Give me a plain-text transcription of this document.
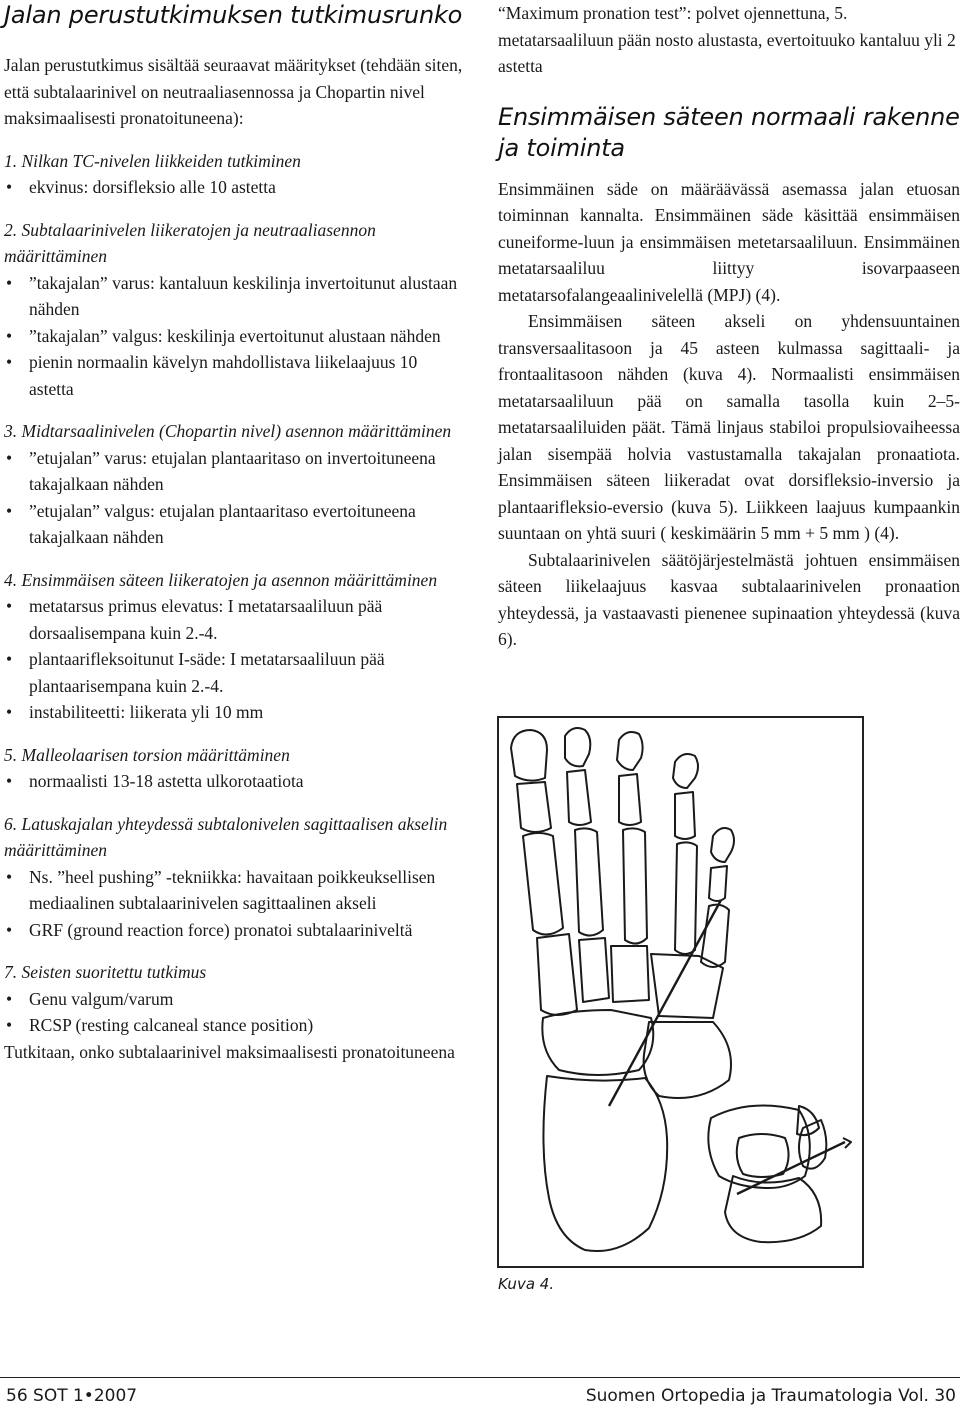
Jalan perustutkimuksen tutkimusrunko

Jalan perustutkimus sisältää seuraavat määritykset (tehdään siten, että subtalaarinivel on neutraaliasennossa ja Chopartin nivel maksimaalisesti pronatoituneena):

1. Nilkan TC-nivelen liikkeiden tutkiminen

• ekvinus: dorsifleksio alle 10 astetta

2. Subtalaarinivelen liikeratojen ja neutraaliasennon määrittäminen

• ”takajalan” varus: kantaluun keskilinja invertoitunut alustaan nähden
• ”takajalan” valgus: keskilinja evertoitunut alustaan nähden
• pienin normaalin kävelyn mahdollistava liikelaajuus 10 astetta

3. Midtarsaalinivelen (Chopartin nivel) asennon määrittäminen

• ”etujalan” varus: etujalan plantaaritaso on invertoituneena takajalkaan nähden
• ”etujalan” valgus: etujalan plantaaritaso evertoituneena takajalkaan nähden

4. Ensimmäisen säteen liikeratojen ja asennon määrittäminen

• metatarsus primus elevatus: I metatarsaaliluun pää dorsaalisempana kuin 2.-4.
• plantaarifleksoitunut I-säde: I metatarsaaliluun pää plantaarisempana kuin 2.-4.
• instabiliteetti: liikerata yli 10 mm

5. Malleolaarisen torsion määrittäminen

• normaalisti 13-18 astetta ulkorotaatiota

6. Latuskajalan yhteydessä subtalonivelen sagittaalisen akselin määrittäminen

• Ns. ”heel pushing” -tekniikka: havaitaan poikkeuksellisen mediaalinen subtalaarinivelen sagittaalinen akseli
• GRF (ground reaction force) pronatoi subtalaariniveltä

7. Seisten suoritettu tutkimus

• Genu valgum/varum
• RCSP (resting calcaneal stance position)

Tutkitaan, onko subtalaarinivel maksimaalisesti pronatoituneena

“Maximum pronation test”: polvet ojennettuna, 5. metatarsaaliluun pään nosto alustasta, evertoituuko kantaluu yli 2 astetta

Ensimmäisen säteen normaali rakenne ja toiminta

Ensimmäinen säde on määräävässä asemassa jalan etuosan toiminnan kannalta. Ensimmäinen säde käsittää ensimmäisen cuneiforme-luun ja ensimmäisen metetarsaaliluun. Ensimmäinen metatarsaaliluu liittyy isovarpaaseen metatarsofalangeaalinivelellä (MPJ) (4).

Ensimmäisen säteen akseli on yhdensuuntainen transversaalitasoon ja 45 asteen kulmassa sagittaali- ja frontaalitasoon nähden (kuva 4). Normaalisti ensimmäisen metatarsaaliluun pää on samalla tasolla kuin 2–5-metatarsaaliluiden päät. Tämä linjaus stabiloi propulsiovaiheessa jalan sisempää holvia vastustamalla takajalan pronaatiota. Ensimmäisen säteen liikeradat ovat dorsifleksio-inversio ja plantaarifleksio-eversio (kuva 5). Liikkeen laajuus kumpaankin suuntaan on yhtä suuri ( keskimäärin 5 mm + 5 mm ) (4).

Subtalaarinivelen säätöjärjestelmästä johtuen ensimmäisen säteen liikelaajuus kasvaa subtalaarinivelen pronaation yhteydessä, ja vastaavasti pienenee supinaation yhteydessä (kuva 6).

Kuva 4.
56 SOT 1•2007	Suomen Ortopedia ja Traumatologia Vol. 30
